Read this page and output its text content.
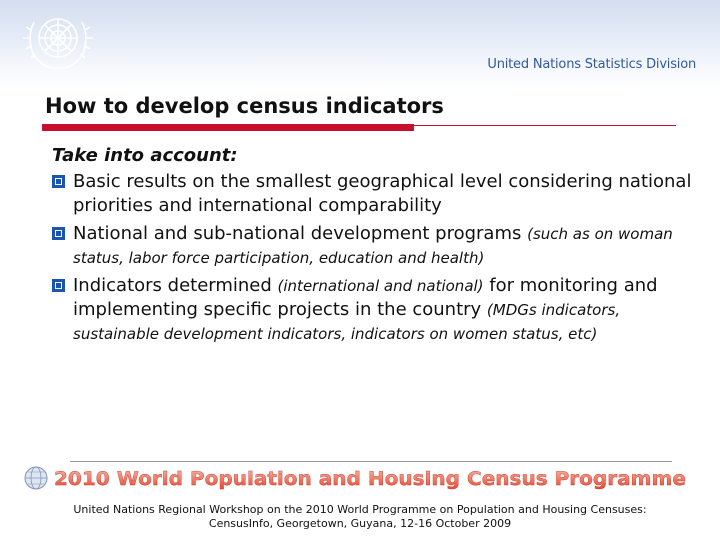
United Nations Statistics Division
How to develop census indicators

Take into account:

Basic results on the smallest geographical level considering national priorities and international comparability
National and sub-national development programs (such as on woman status, labor force participation, education and health)
Indicators determined (international and national) for monitoring and implementing specific projects in the country (MDGs indicators, sustainable development indicators, indicators on women status, etc)
2010 World Population and Housing Census Programme
United Nations Regional Workshop on the 2010 World Programme on Population and Housing Censuses:
CensusInfo, Georgetown, Guyana, 12-16 October 2009
